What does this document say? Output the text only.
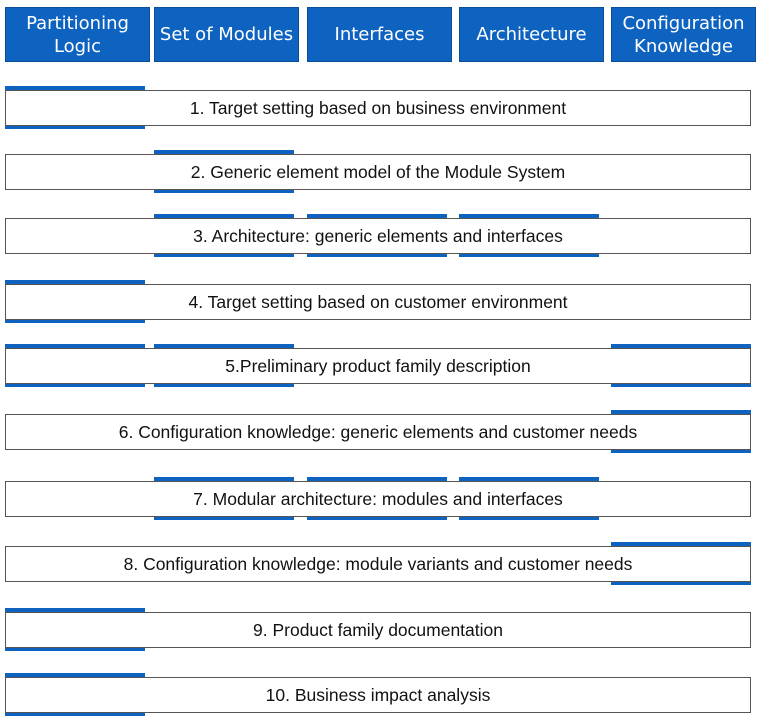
Partitioning
Logic
Set of Modules	Interfaces	Architecture
Configuration
Knowledge
1. Target setting based on business environment
2. Generic element model of the Module System
3. Architecture: generic elements and interfaces
4. Target setting based on customer environment
5.Preliminary product family description
6. Configuration knowledge: generic elements and customer needs
7. Modular architecture: modules and interfaces
8. Configuration knowledge: module variants and customer needs
9. Product family documentation
10. Business impact analysis
